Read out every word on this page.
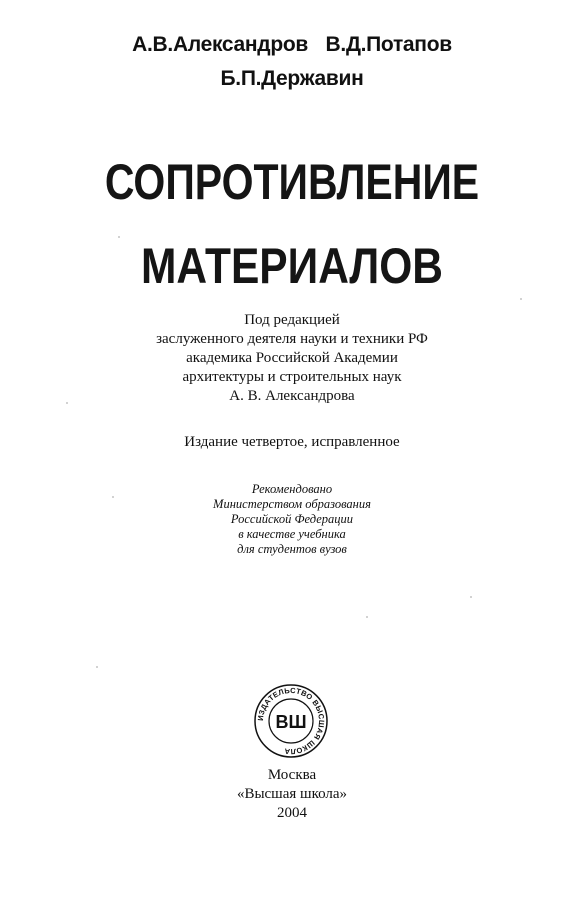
А.В.Александров В.Д.Потапов
Б.П.Державин
СОПРОТИВЛЕНИЕ
МАТЕРИАЛОВ
Под редакцией
заслуженного деятеля науки и техники РФ
академика Российской Академии
архитектуры и строительных наук
А. В. Александрова
Издание четвертое, исправленное
Рекомендовано
Министерством образования
Российской Федерации
в качестве учебника
для студентов вузов
ИЗДАТЕЛЬСТВО ВЫСШАЯ ШКОЛА
ВШ
Москва
«Высшая школа»
2004
